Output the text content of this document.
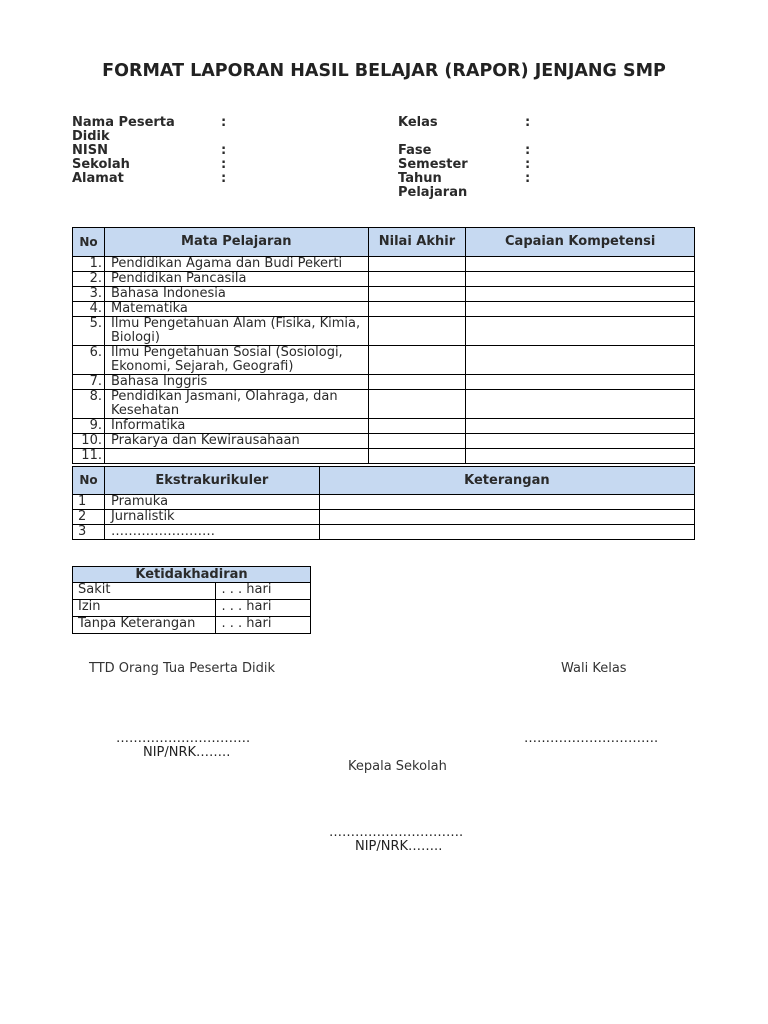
FORMAT LAPORAN HASIL BELAJAR (RAPOR) JENJANG SMP
Nama Peserta Didik
:
NISN	:
Sekolah	:
Alamat	:
Kelas	:
Fase	:
Semester	:
Tahun Pelajaran
:
No	Mata Pelajaran	Nilai Akhir	Capaian Kompetensi
1.	Pendidikan Agama dan Budi Pekerti		
2.	Pendidikan Pancasila		
3.	Bahasa Indonesia		
4.	Matematika		
5.	Ilmu Pengetahuan Alam (Fisika, Kimia, Biologi)		
6.	Ilmu Pengetahuan Sosial (Sosiologi, Ekonomi, Sejarah, Geografi)		
7.	Bahasa Inggris		
8.	Pendidikan Jasmani, Olahraga, dan Kesehatan		
9.	Informatika		
10.	Prakarya dan Kewirausahaan		
11.			
No	Ekstrakurikuler	Keterangan
1	Pramuka	
2	Jurnalistik	
3	……………………	
Ketidakhadiran	
Sakit	. . . hari
Izin	. . . hari
Tanpa Keterangan	. . . hari
TTD Orang Tua Peserta Didik	Wali Kelas
………………………….
NIP/NRK……..
………………………….
Kepala Sekolah
………………………….
NIP/NRK……..
